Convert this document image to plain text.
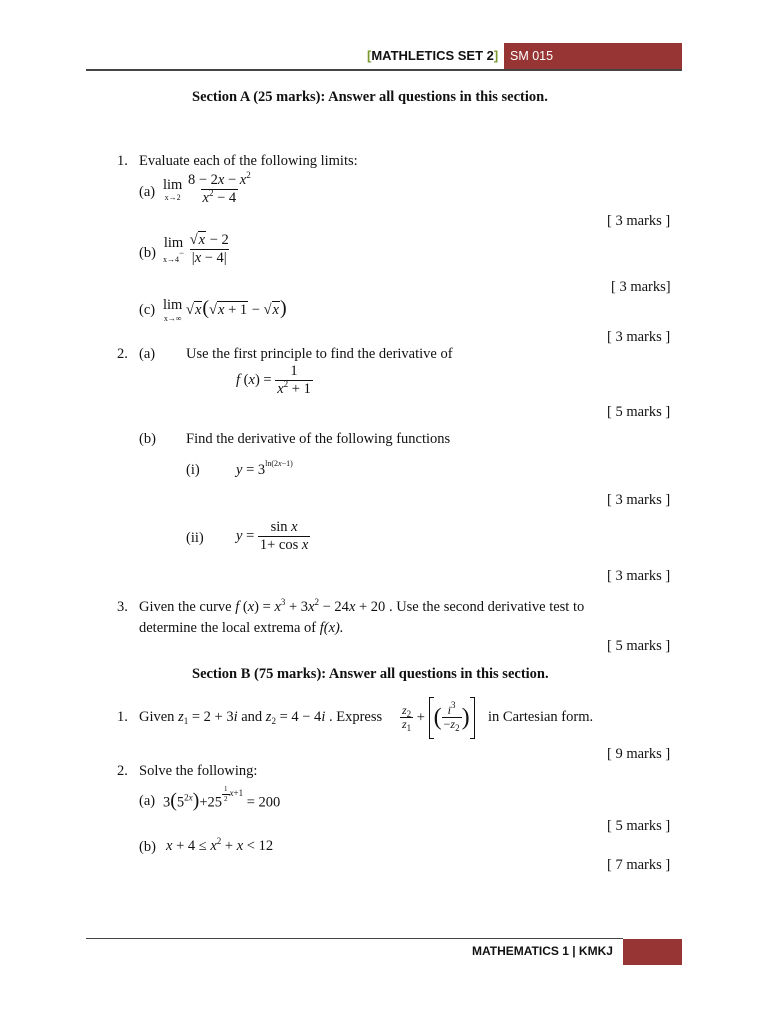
[MATHLETICS SET 2] SM 015
Section A (25 marks): Answer all questions in this section.
1. Evaluate each of the following limits:
(a) lim
x→2
$\frac{8 - 2x - x^2}{x^2 - 4}$
[ 3 marks ]
(b)
lim
x→4−
$\frac{√x - 2}{|x - 4|}$
[ 3 marks]
(c) lim
x→∞
√x(√x + 1 − √x)
[ 3 marks ]
2. (a) Use the first principle to find the derivative of
f $(x) = \frac{1}{x^2 + 1}$
[ 5 marks ]
(b) Find the derivative of the following functions
(i)	$y = 3^{ln(2x-1)}$
[ 3 marks ]
(ii) $y = \frac{\text{sin x}}{\text{1+ cos x}}$
[ 3 marks ]
3. Given the curve f $(x) = x^3 + 3x^2 - 24x + 20$ . Use the second derivative test to
determine the local extrema of f(x).
[ 5 marks ]
Section B (75 marks): Answer all questions in this section.
1. Given $z_1 = 2 + 3i$ and $z_2 = 4 - 4i$ . Express $\frac{z_2}{z_1}$ + ( $\frac{i^3}{-z_2}$ )	in Cartesian form.
[ 9 marks ]
2. Solve the following:
(a) $3(5^{2x})+25$ $^{\frac{1}{2} x+1}$ = 200
[ 5 marks ]
(b) $x + 4 \le x^2 + x < 12$
[ 7 marks ]
MATHEMATICS 1 | KMKJ
